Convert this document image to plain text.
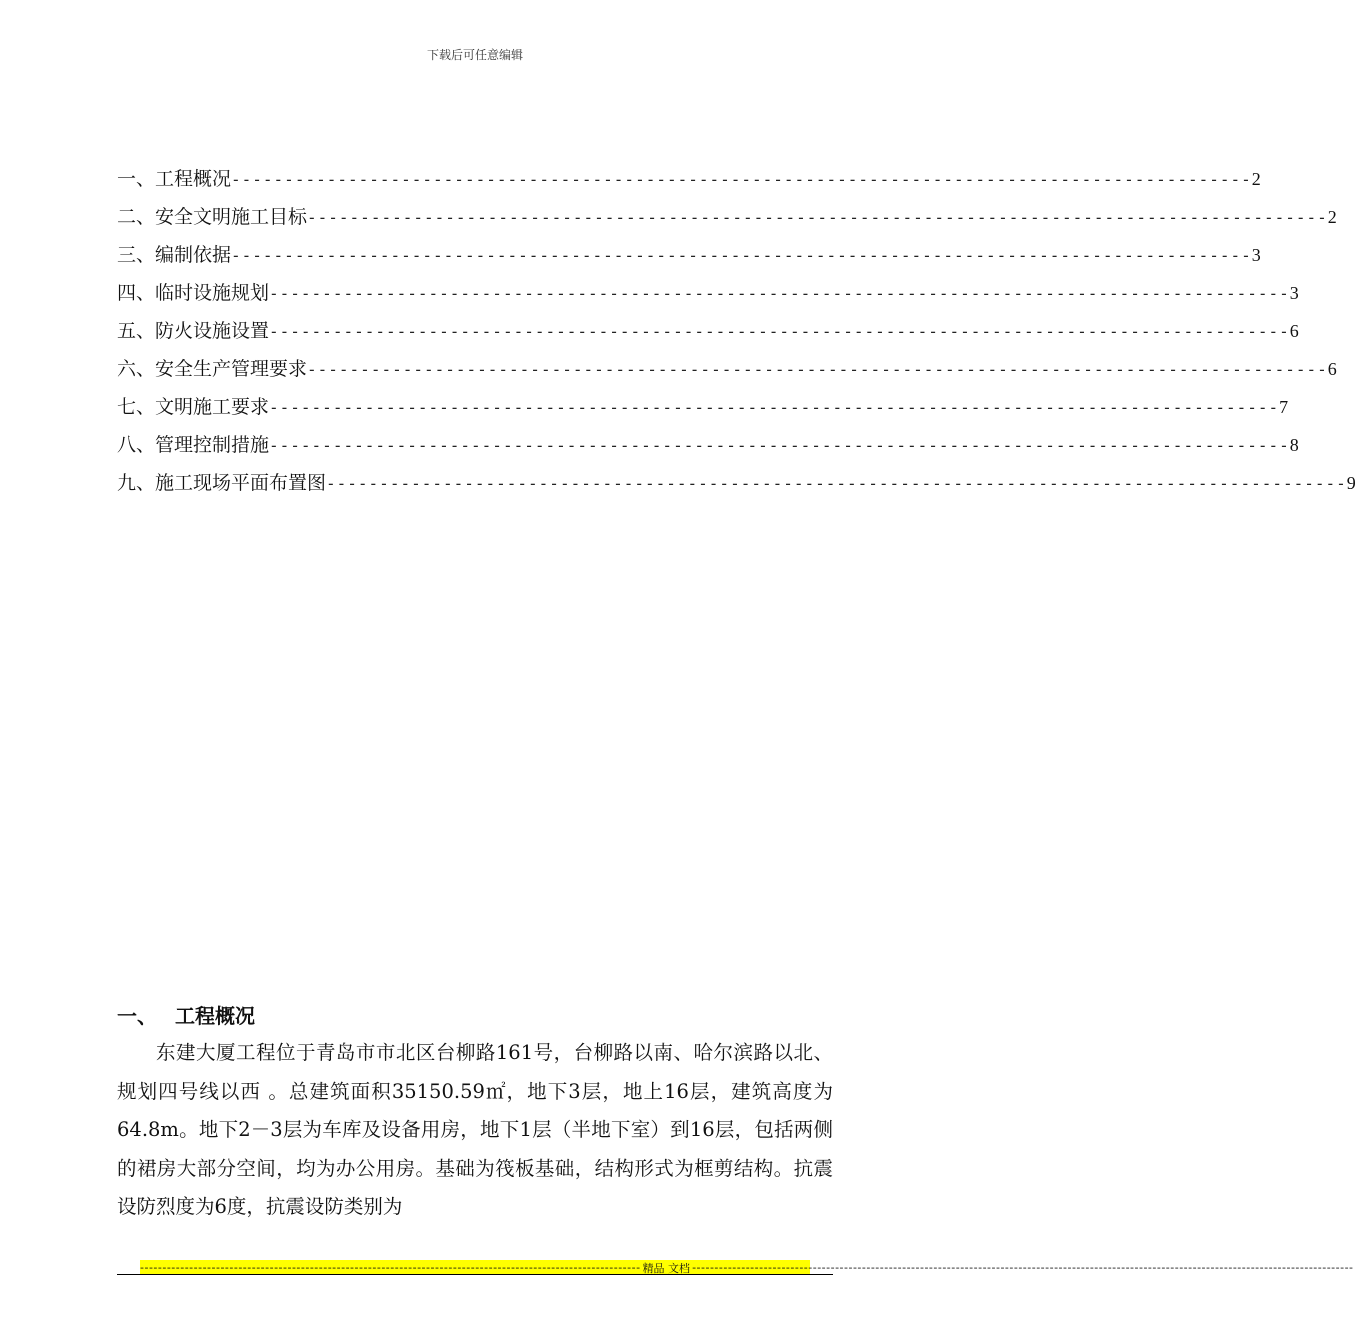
下载后可任意编辑
一、工程概况 ------------------------------------------------------------------------------------------------ 2
二、安全文明施工目标 ------------------------------------------------------------------------------------------------ 2
三、编制依据 ------------------------------------------------------------------------------------------------ 3
四、临时设施规划 ------------------------------------------------------------------------------------------------ 3
五、防火设施设置 ------------------------------------------------------------------------------------------------ 6
六、安全生产管理要求 ------------------------------------------------------------------------------------------------ 6
七、文明施工要求 ----------------------------------------------------------------------------------------------- 7
八、管理控制措施 ------------------------------------------------------------------------------------------------ 8
九、施工现场平面布置图 ------------------------------------------------------------------------------------------------ 9
一、 工程概况

东建大厦工程位于青岛市市北区台柳路161号，台柳路以南、哈尔滨路以北、规划四号线以西 。总建筑面积35150.59㎡，地下3层，地上16层，建筑高度为64.8m。地下2－3层为车库及设备用房，地下1层（半地下室）到16层，包括两侧的裙房大部分空间，均为办公用房。基础为筏板基础，结构形式为框剪结构。抗震设防烈度为6度，抗震设防类别为

---------------------------------------------------------------------------------------------------------------- 精品 文档 ----------------------------------------------------------------------------------------------------------------------------------------------------
